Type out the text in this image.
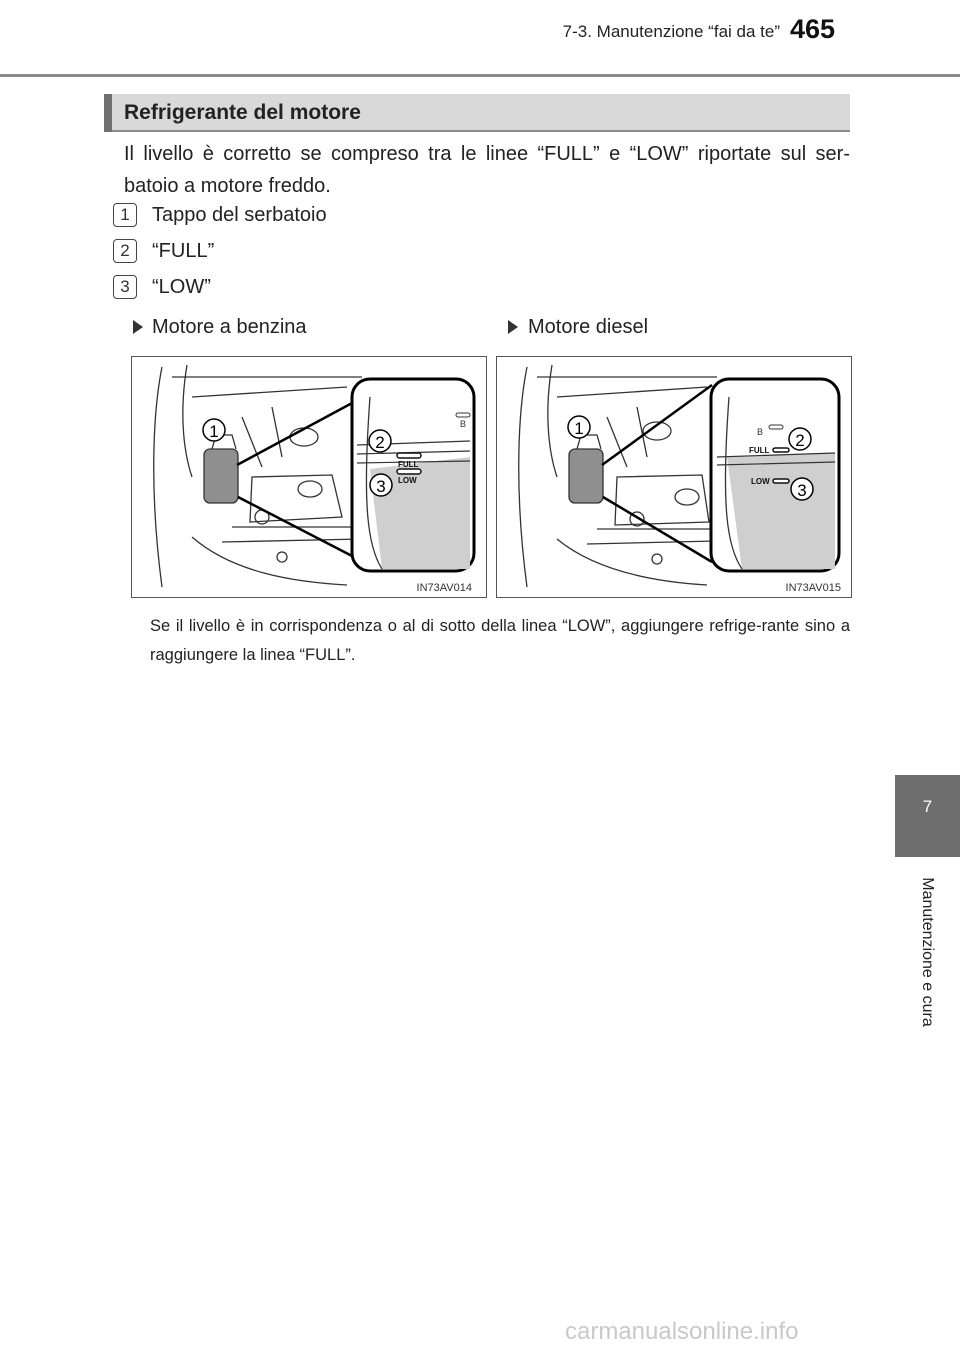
7-3. Manutenzione “fai da te” 465
Refrigerante del motore
Il livello è corretto se compreso tra le linee “FULL” e “LOW” riportate sul ser-batoio a motore freddo.
1	Tappo del serbatoio
2	“FULL”
3	“LOW”
Motore a benzina	Motore diesel
B
FULL
LOW
1
2
3
IN73AV014
B
FULL
LOW
1
2
3
IN73AV015
Se il livello è in corrispondenza o al di sotto della linea “LOW”, aggiungere refrige-rante sino a raggiungere la linea “FULL”.
7
Manutenzione e cura
carmanualsonline.info
